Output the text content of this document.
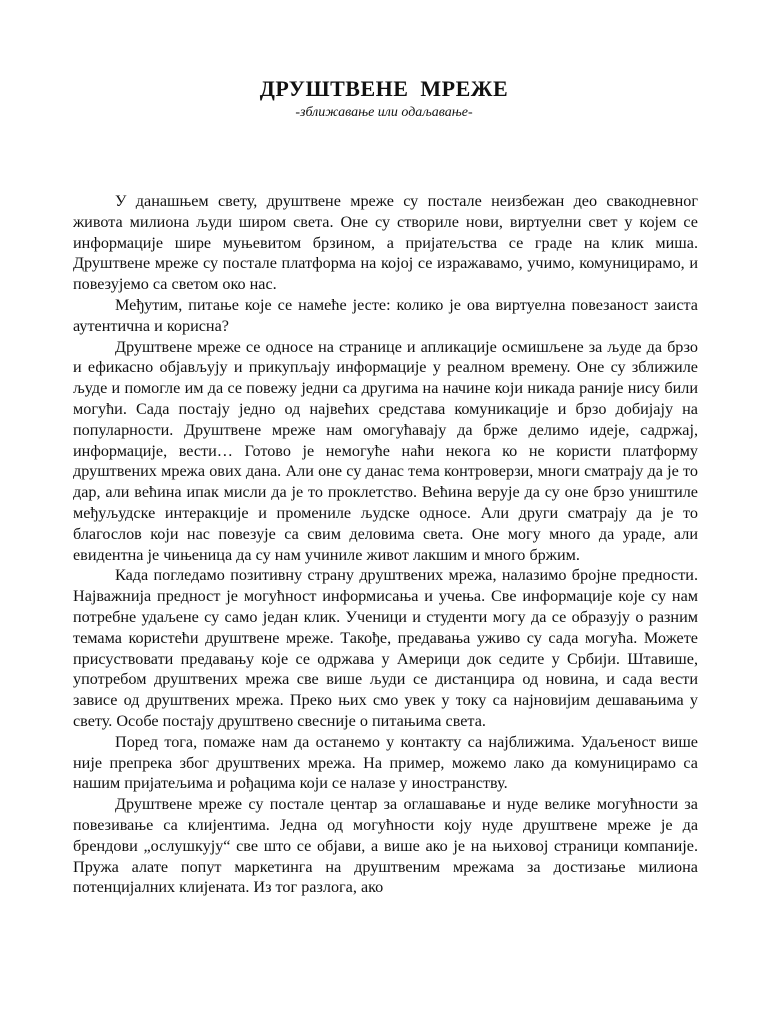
ДРУШТВЕНЕ МРЕЖЕ
-зближавање или одаљавање-

У данашњем свету, друштвене мреже су постале неизбежан део свакодневног живота милиона људи широм света. Оне су створиле нови, виртуелни свет у којем се информације шире муњевитом брзином, а пријатељства се граде на клик миша. Друштвене мреже су постале платформа на којој се изражавамо, учимо, комуницирамо, и повезујемо са светом око нас.

Међутим, питање које се намеће јесте: колико је ова виртуелна повезаност заиста аутентична и корисна?

Друштвене мреже се односе на странице и апликације осмишљене за људе да брзо и ефикасно објављују и прикупљају информације у реалном времену. Оне су зближиле људе и помогле им да се повежу једни са другима на начине који никада раније нису били могући. Сада постају једно од највећих средстава комуникације и брзо добијају на популарности. Друштвене мреже нам омогућавају да брже делимо идеје, садржај, информације, вести… Готово је немогуће наћи некога ко не користи платформу друштвених мрежа ових дана. Али оне су данас тема контроверзи, многи сматрају да је то дар, али већина ипак мисли да је то проклетство. Већина верује да су оне брзо уништиле међуљудске интеракције и промениле људске односе. Али други сматрају да је то благослов који нас повезује са свим деловима света. Оне могу много да ураде, али евидентна је чињеница да су нам учиниле живот лакшим и много бржим.

Када погледамо позитивну страну друштвених мрежа, налазимо бројне предности. Најважнија предност је могућност информисања и учења. Све информације које су нам потребне удаљене су само један клик. Ученици и студенти могу да се образују о разним темама користећи друштвене мреже. Такође, предавања уживо су сада могућа. Можете присуствовати предавању које се одржава у Америци док седите у Србији. Штавише, употребом друштвених мрежа све више људи се дистанцира од новина, и сада вести зависе од друштвених мрежа. Преко њих смо увек у току са најновијим дешавањима у свету. Особе постају друштвено свесније о питањима света.

Поред тога, помаже нам да останемо у контакту са најближима. Удаљеност више није препрека због друштвених мрежа. На пример, можемо лако да комуницирамо са нашим пријатељима и рођацима који се налазе у иностранству.

Друштвене мреже су постале центар за оглашавање и нуде велике могућности за повезивање са клијентима. Једна од могућности коју нуде друштвене мреже је да брендови „ослушкују“ све што се објави, а више ако је на њиховој страници компаније. Пружа алате попут маркетинга на друштвеним мрежама за достизање милиона потенцијалних клијената. Из тог разлога, ако
